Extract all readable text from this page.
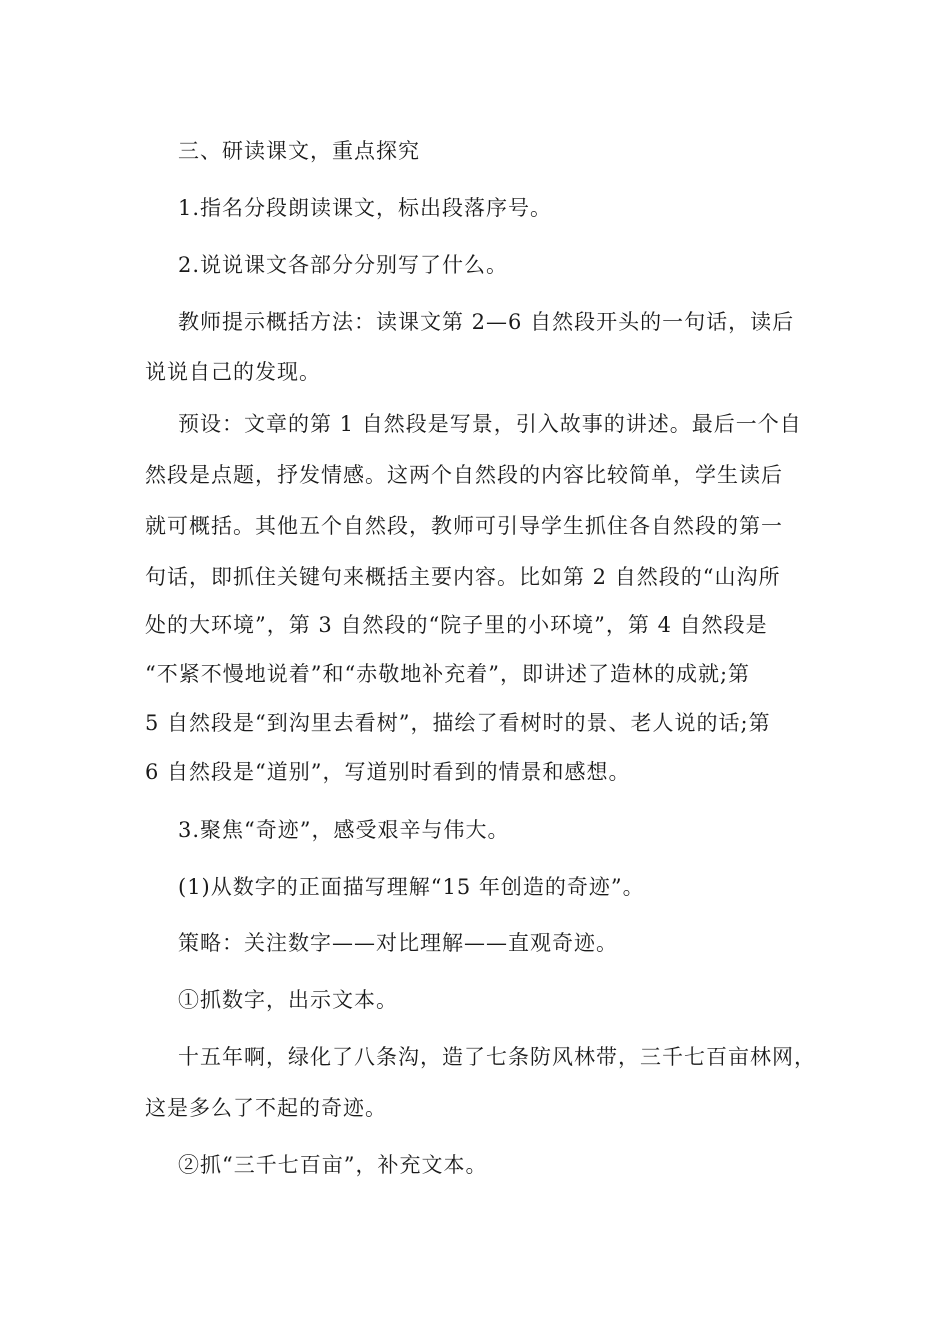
三、研读课文，重点探究
1.指名分段朗读课文，标出段落序号。
2.说说课文各部分分别写了什么。
教师提示概括方法：读课文第 2—6 自然段开头的一句话，读后
说说自己的发现。
预设：文章的第 1 自然段是写景，引入故事的讲述。最后一个自
然段是点题，抒发情感。这两个自然段的内容比较简单，学生读后
就可概括。其他五个自然段，教师可引导学生抓住各自然段的第一
句话，即抓住关键句来概括主要内容。比如第 2 自然段的“山沟所
处的大环境”，第 3 自然段的“院子里的小环境”，第 4 自然段是
“不紧不慢地说着”和“赤敬地补充着”，即讲述了造林的成就;第
5 自然段是“到沟里去看树”，描绘了看树时的景、老人说的话;第
6 自然段是“道别”，写道别时看到的情景和感想。
3.聚焦“奇迹”，感受艰辛与伟大。
(1)从数字的正面描写理解“15 年创造的奇迹”。
策略：关注数字——对比理解——直观奇迹。
①抓数字，出示文本。
十五年啊，绿化了八条沟，造了七条防风林带，三千七百亩林网，
这是多么了不起的奇迹。
②抓“三千七百亩”，补充文本。
